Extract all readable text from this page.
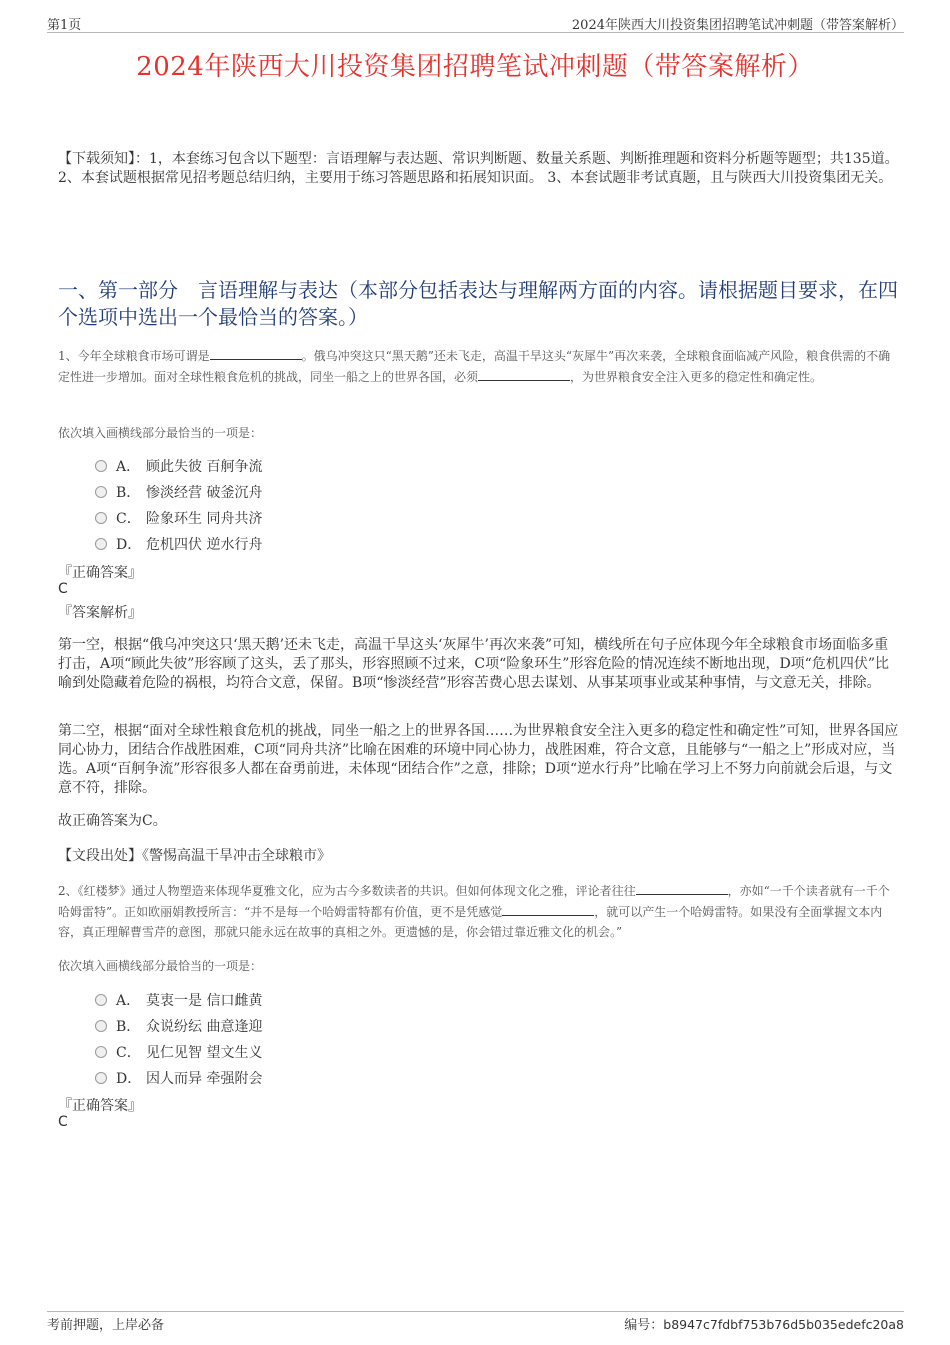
第1页	2024年陕西大川投资集团招聘笔试冲刺题（带答案解析）
2024年陕西大川投资集团招聘笔试冲刺题（带答案解析）
【下载须知】：1，本套练习包含以下题型：言语理解与表达题、常识判断题、数量关系题、判断推理题和资料分析题等题型；共135道。 2、本套试题根据常见招考题总结归纳，主要用于练习答题思路和拓展知识面。 3、本套试题非考试真题，且与陕西大川投资集团无关。
一、第一部分　言语理解与表达（本部分包括表达与理解两方面的内容。请根据题目要求，在四个选项中选出一个最恰当的答案。）
1、今年全球粮食市场可谓是	。俄乌冲突这只“黑天鹅”还未飞走，高温干旱这头“灰犀牛”再次来袭，全球粮食面临减产风险，粮食供需的不确定性进一步增加。面对全球性粮食危机的挑战，同坐一船之上的世界各国，必须	，为世界粮食安全注入更多的稳定性和确定性。
依次填入画横线部分最恰当的一项是：
A． 顾此失彼 百舸争流
B． 惨淡经营 破釜沉舟
C． 险象环生 同舟共济
D． 危机四伏 逆水行舟
『正确答案』
C
『答案解析』
第一空，根据“俄乌冲突这只‘黑天鹅’还未飞走，高温干旱这头‘灰犀牛’再次来袭”可知，横线所在句子应体现今年全球粮食市场面临多重打击，A项“顾此失彼”形容顾了这头，丢了那头，形容照顾不过来，C项“险象环生”形容危险的情况连续不断地出现，D项“危机四伏”比喻到处隐藏着危险的祸根，均符合文意，保留。B项“惨淡经营”形容苦费心思去谋划、从事某项事业或某种事情，与文意无关，排除。
第二空，根据“面对全球性粮食危机的挑战，同坐一船之上的世界各国……为世界粮食安全注入更多的稳定性和确定性”可知，世界各国应同心协力，团结合作战胜困难，C项“同舟共济”比喻在困难的环境中同心协力，战胜困难，符合文意，且能够与“一船之上”形成对应，当选。A项“百舸争流”形容很多人都在奋勇前进，未体现“团结合作”之意，排除；D项“逆水行舟”比喻在学习上不努力向前就会后退，与文意不符，排除。
故正确答案为C。
【文段出处】《警惕高温干旱冲击全球粮市》
2、《红楼梦》通过人物塑造来体现华夏雅文化，应为古今多数读者的共识。但如何体现文化之雅，评论者往往	，亦如“一千个读者就有一千个哈姆雷特”。正如欧丽娟教授所言：“并不是每一个哈姆雷特都有价值，更不是凭感觉	，就可以产生一个哈姆雷特。如果没有全面掌握文本内容，真正理解曹雪芹的意图，那就只能永远在故事的真相之外。更遗憾的是，你会错过靠近雅文化的机会。”
依次填入画横线部分最恰当的一项是：
A． 莫衷一是 信口雌黄
B． 众说纷纭 曲意逢迎
C． 见仁见智 望文生义
D． 因人而异 牵强附会
『正确答案』
C
考前押题，上岸必备	编号：b8947c7fdbf753b76d5b035edefc20a8
